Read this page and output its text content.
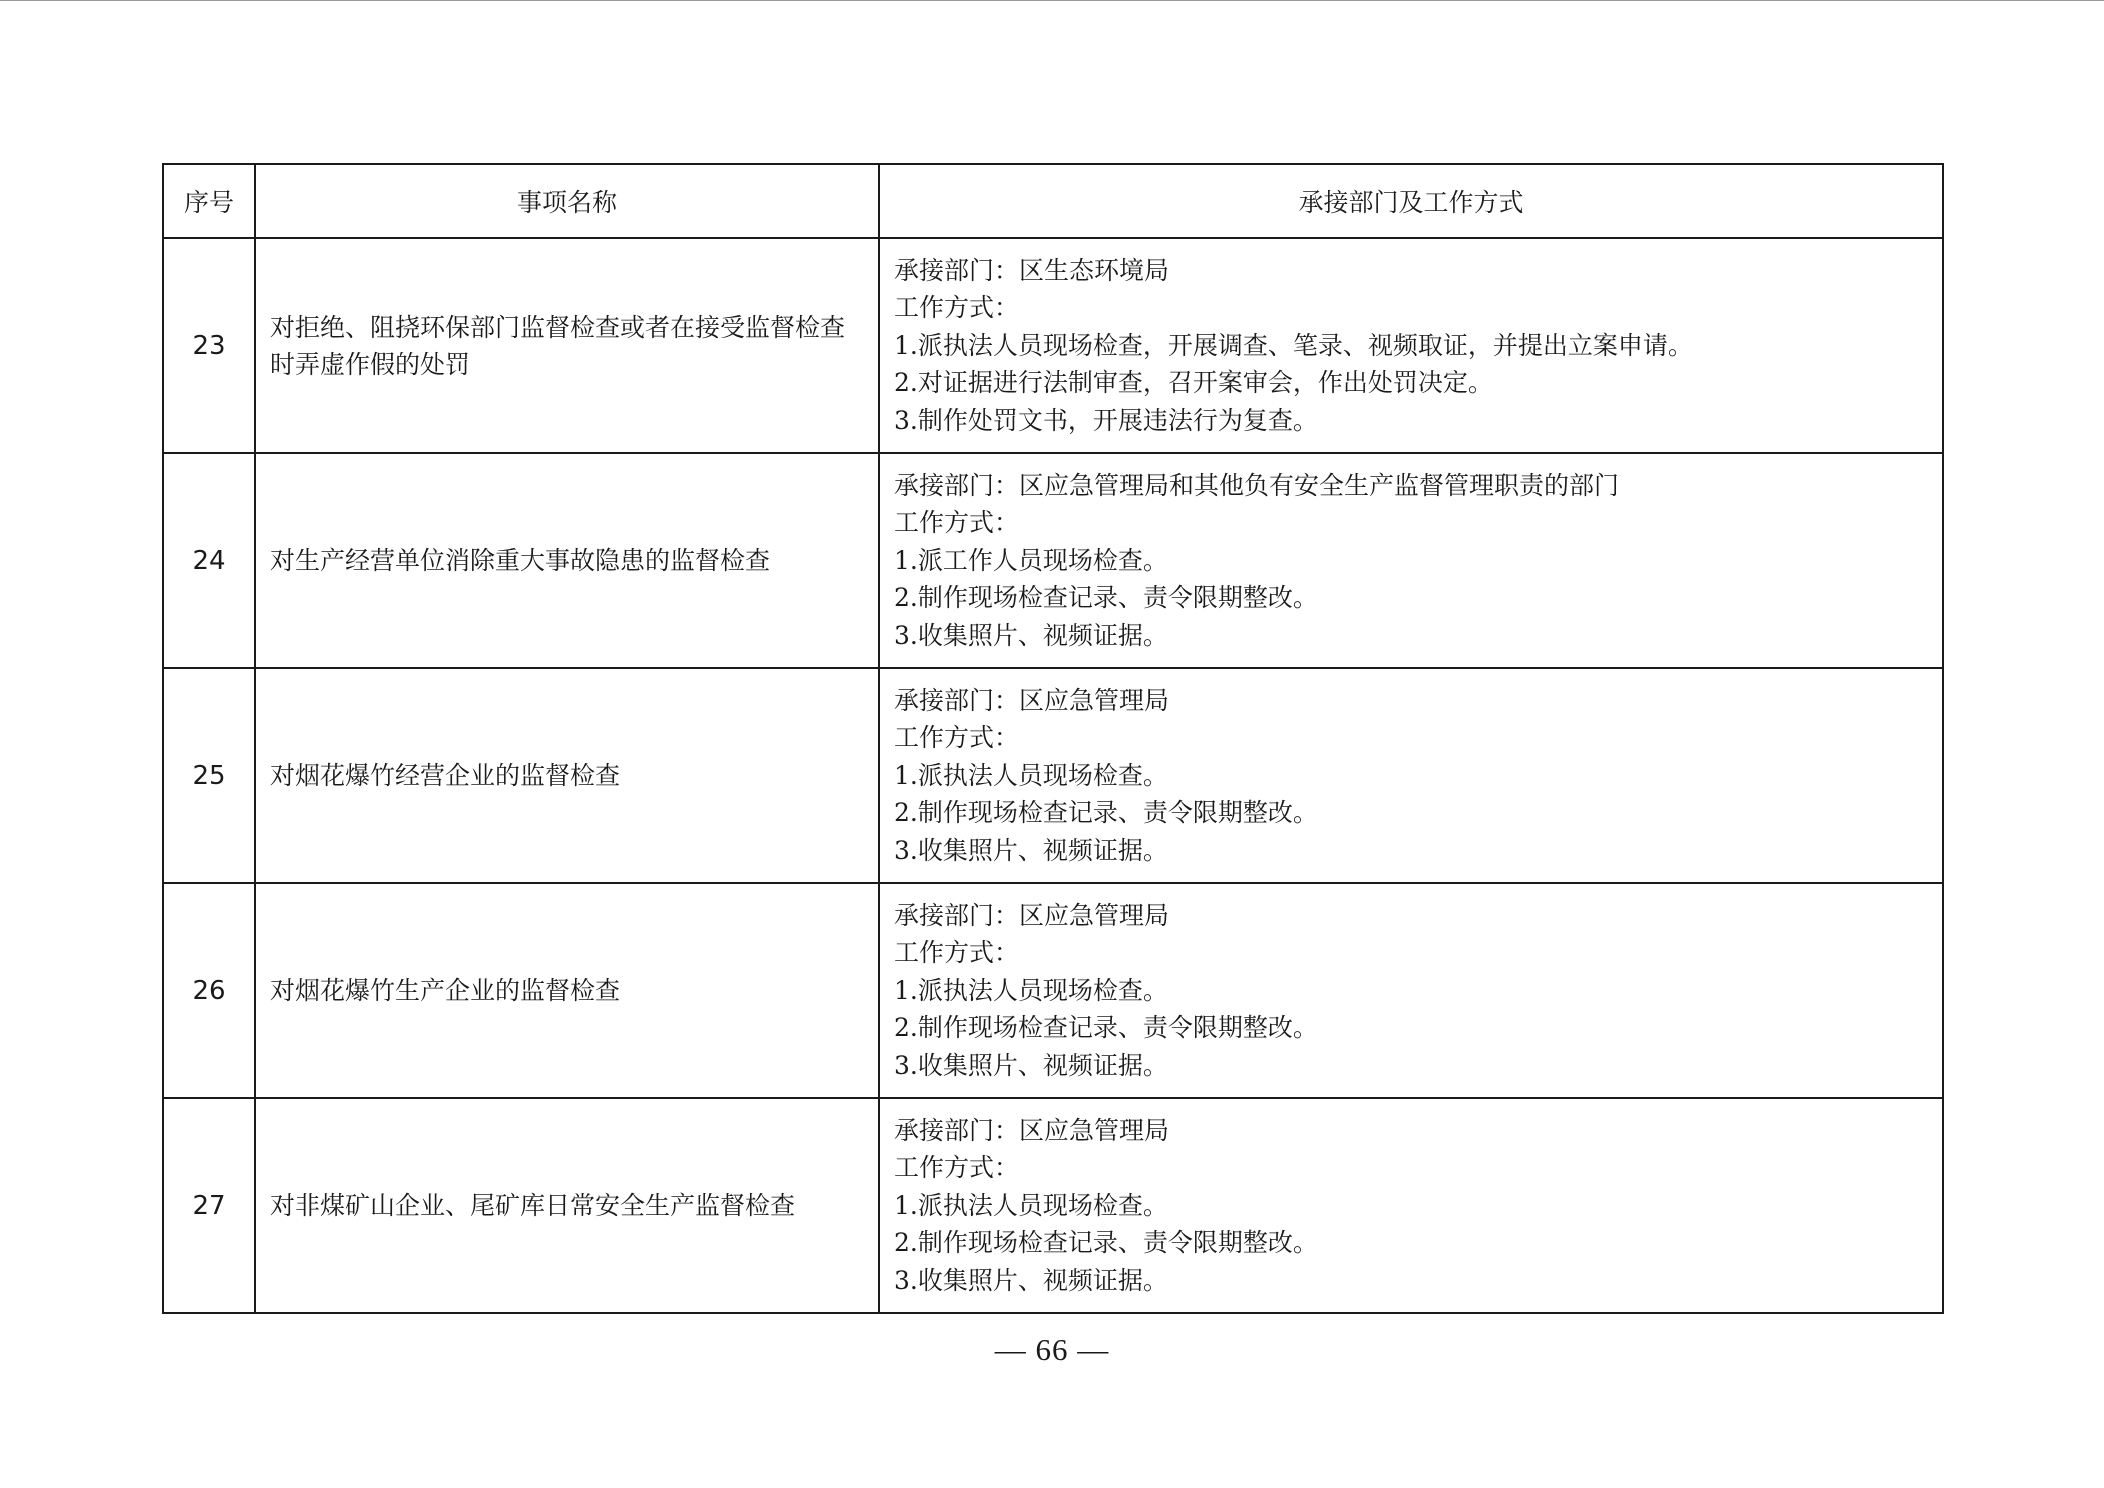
序号	事项名称	承接部门及工作方式
23	对拒绝、阻挠环保部门监督检查或者在接受监督检查时弄虚作假的处罚	承接部门：区生态环境局
工作方式：
1.派执法人员现场检查，开展调查、笔录、视频取证，并提出立案申请。
2.对证据进行法制审查，召开案审会，作出处罚决定。
3.制作处罚文书，开展违法行为复查。

24	对生产经营单位消除重大事故隐患的监督检查	承接部门：区应急管理局和其他负有安全生产监督管理职责的部门
工作方式：
1.派工作人员现场检查。
2.制作现场检查记录、责令限期整改。
3.收集照片、视频证据。

25	对烟花爆竹经营企业的监督检查	承接部门：区应急管理局
工作方式：
1.派执法人员现场检查。
2.制作现场检查记录、责令限期整改。
3.收集照片、视频证据。

26	对烟花爆竹生产企业的监督检查	承接部门：区应急管理局
工作方式：
1.派执法人员现场检查。
2.制作现场检查记录、责令限期整改。
3.收集照片、视频证据。

27	对非煤矿山企业、尾矿库日常安全生产监督检查	承接部门：区应急管理局
工作方式：
1.派执法人员现场检查。
2.制作现场检查记录、责令限期整改。
3.收集照片、视频证据。
— 66 —
